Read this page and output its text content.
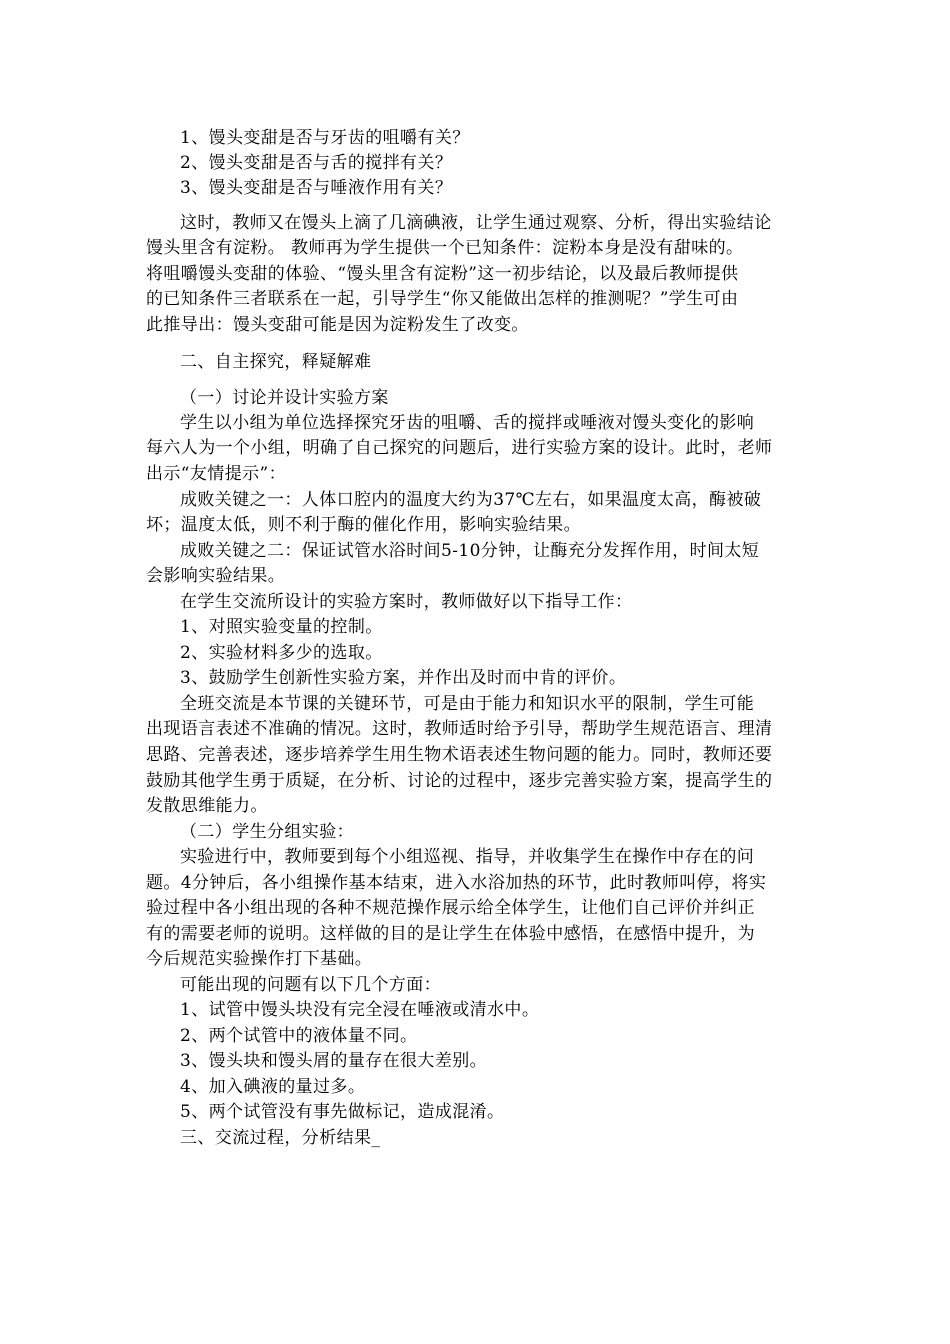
1、馒头变甜是否与牙齿的咀嚼有关？
2、馒头变甜是否与舌的搅拌有关？
3、馒头变甜是否与唾液作用有关？
这时，教师又在馒头上滴了几滴碘液，让学生通过观察、分析，得出实验结论
馒头里含有淀粉。 教师再为学生提供一个已知条件：淀粉本身是没有甜味的。
将咀嚼馒头变甜的体验、“馒头里含有淀粉”这一初步结论，以及最后教师提供
的已知条件三者联系在一起，引导学生“你又能做出怎样的推测呢？”学生可由
此推导出：馒头变甜可能是因为淀粉发生了改变。
二、自主探究，释疑解难
（一）讨论并设计实验方案
学生以小组为单位选择探究牙齿的咀嚼、舌的搅拌或唾液对馒头变化的影响
每六人为一个小组，明确了自己探究的问题后，进行实验方案的设计。此时，老师
出示“友情提示”：
成败关键之一：人体口腔内的温度大约为37℃左右，如果温度太高，酶被破
坏；温度太低，则不利于酶的催化作用，影响实验结果。
成败关键之二：保证试管水浴时间5-10分钟，让酶充分发挥作用，时间太短
会影响实验结果。
在学生交流所设计的实验方案时，教师做好以下指导工作：
1、对照实验变量的控制。
2、实验材料多少的选取。
3、鼓励学生创新性实验方案，并作出及时而中肯的评价。
全班交流是本节课的关键环节，可是由于能力和知识水平的限制，学生可能
出现语言表述不准确的情况。这时，教师适时给予引导，帮助学生规范语言、理清
思路、完善表述，逐步培养学生用生物术语表述生物问题的能力。同时，教师还要
鼓励其他学生勇于质疑，在分析、讨论的过程中，逐步完善实验方案，提高学生的
发散思维能力。
（二）学生分组实验：
实验进行中，教师要到每个小组巡视、指导，并收集学生在操作中存在的问
题。4分钟后，各小组操作基本结束，进入水浴加热的环节，此时教师叫停，将实
验过程中各小组出现的各种不规范操作展示给全体学生，让他们自己评价并纠正
有的需要老师的说明。这样做的目的是让学生在体验中感悟，在感悟中提升，为
今后规范实验操作打下基础。
可能出现的问题有以下几个方面：
1、试管中馒头块没有完全浸在唾液或清水中。
2、两个试管中的液体量不同。
3、馒头块和馒头屑的量存在很大差别。
4、加入碘液的量过多。
5、两个试管没有事先做标记，造成混淆。
三、交流过程，分析结果_
